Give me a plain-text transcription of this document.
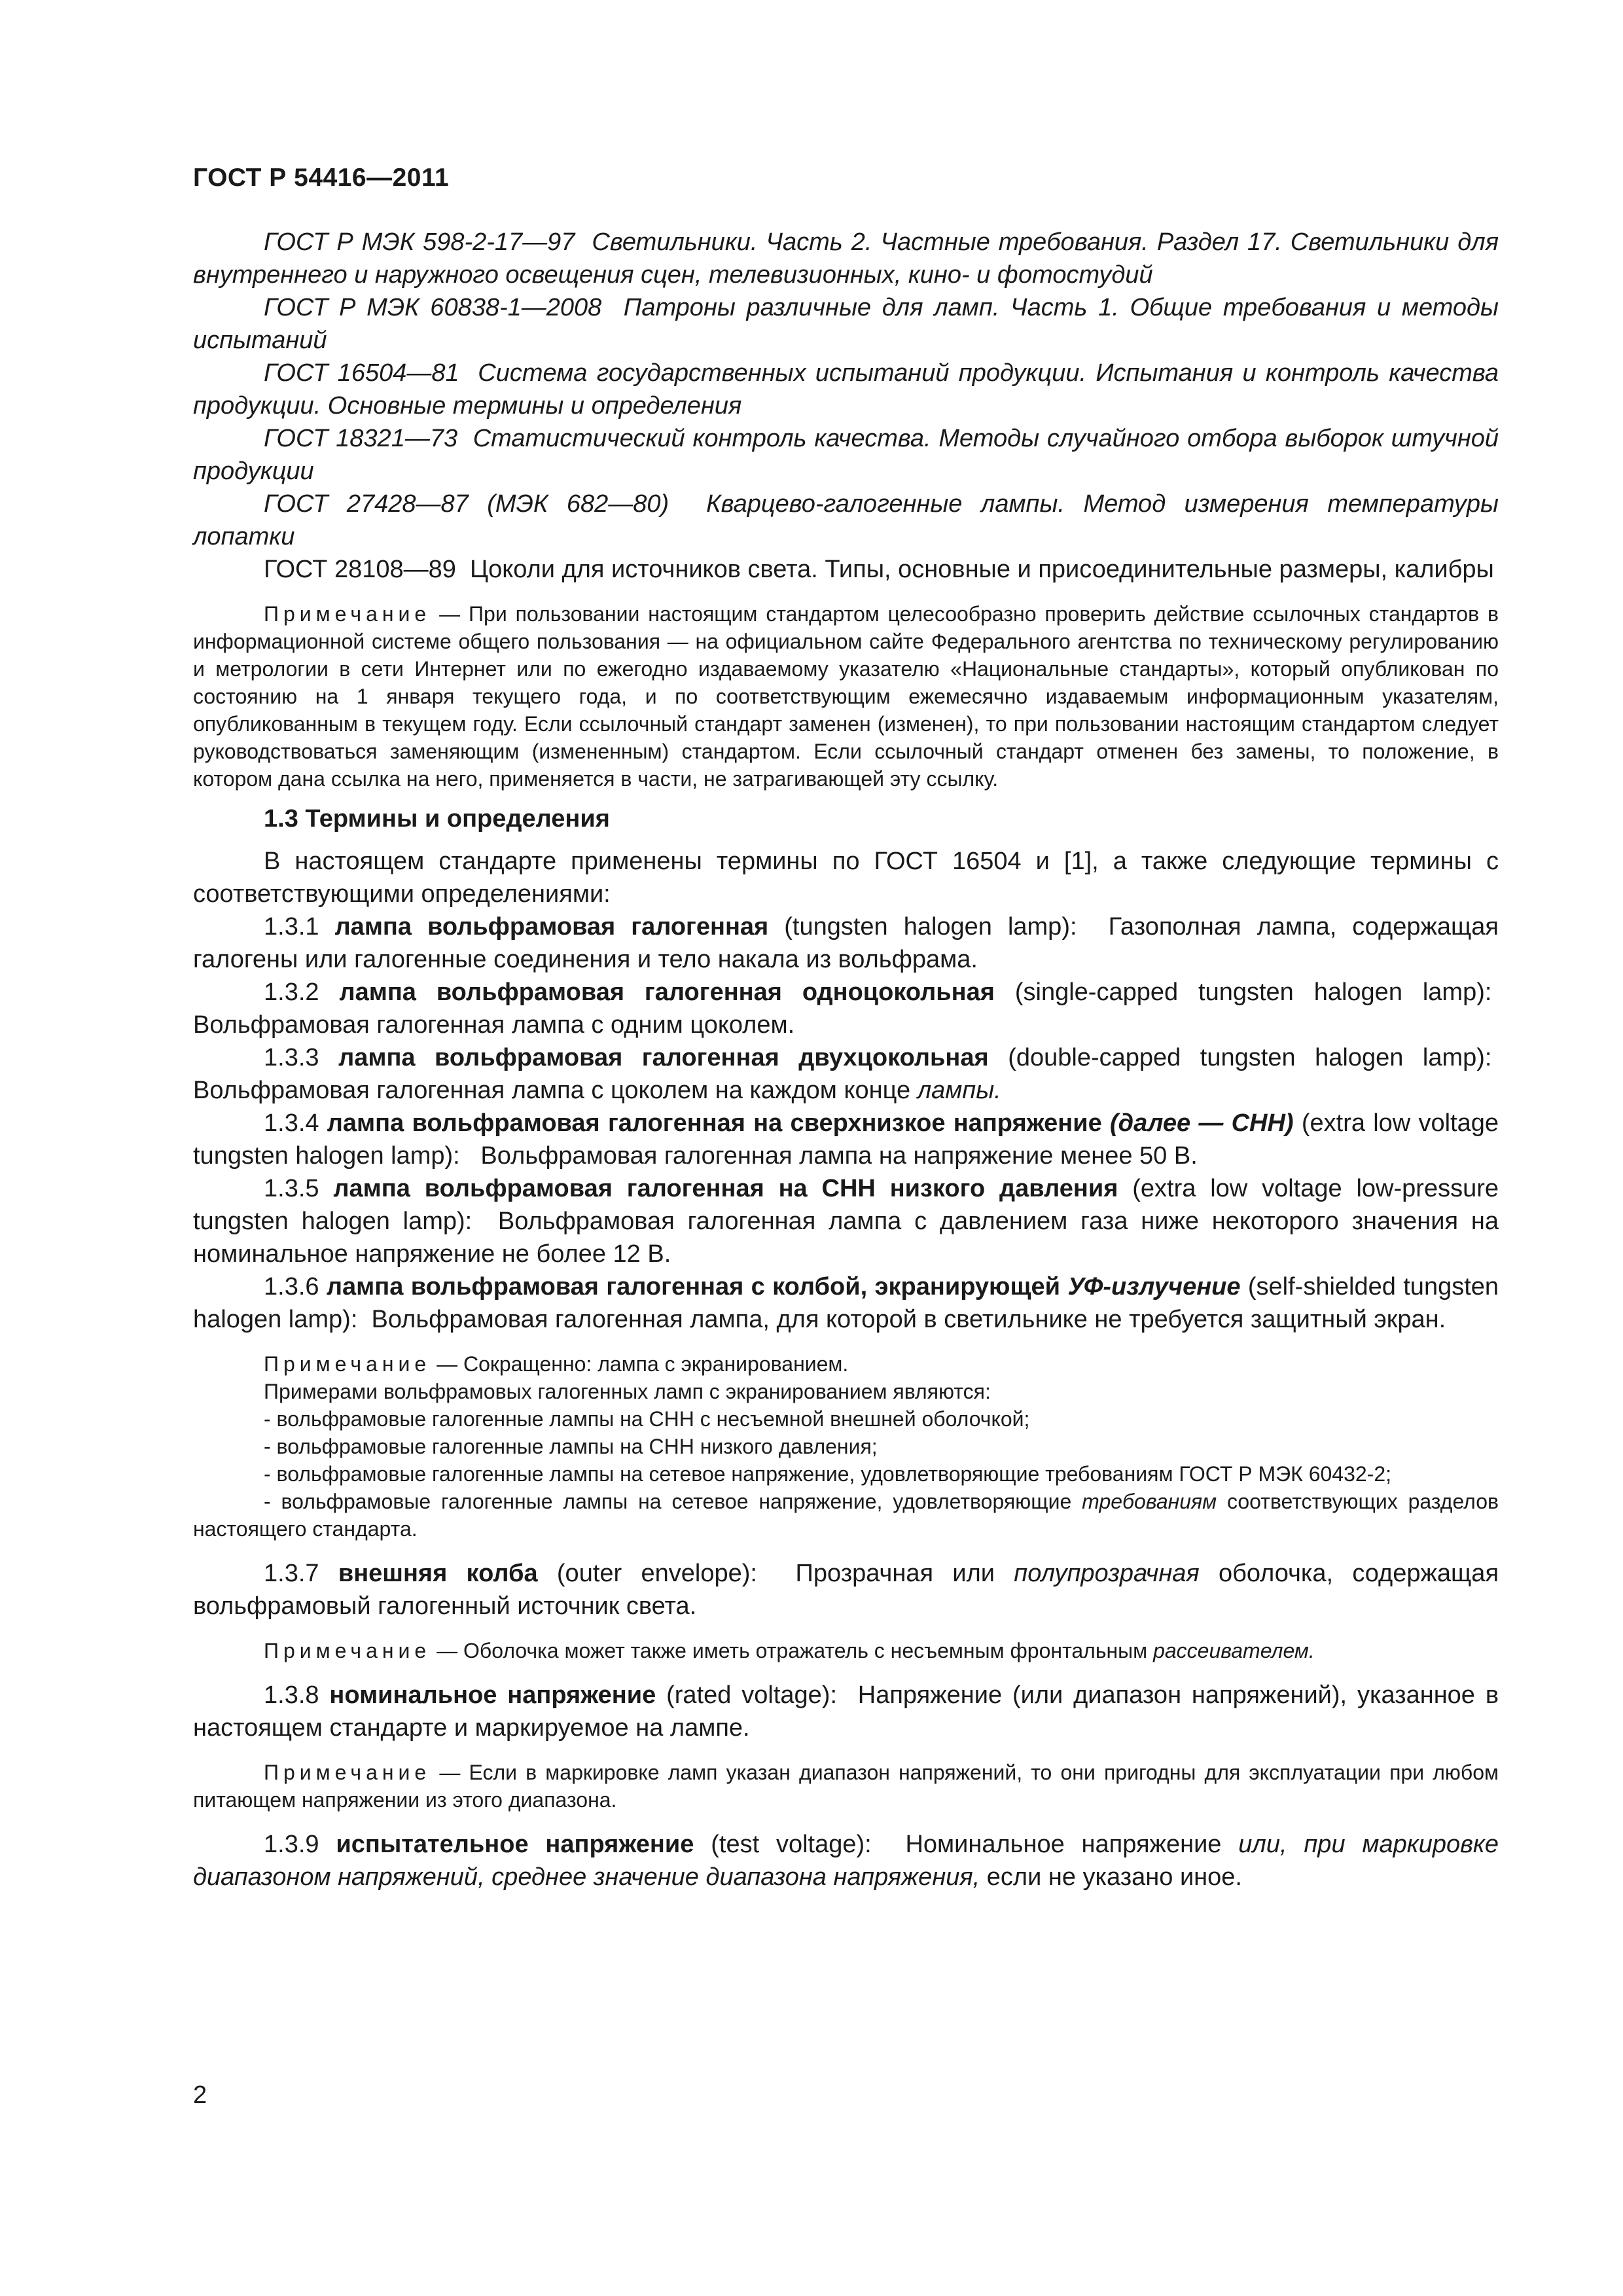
ГОСТ Р 54416—2011

ГОСТ Р МЭК 598-2-17—97 Светильники. Часть 2. Частные требования. Раздел 17. Светильники для внутреннего и наружного освещения сцен, телевизионных, кино- и фотостудий

ГОСТ Р МЭК 60838-1—2008 Патроны различные для ламп. Часть 1. Общие требования и методы испытаний

ГОСТ 16504—81 Система государственных испытаний продукции. Испытания и контроль качества продукции. Основные термины и определения

ГОСТ 18321—73 Статистический контроль качества. Методы случайного отбора выборок штучной продукции

ГОСТ 27428—87 (МЭК 682—80) Кварцево-галогенные лампы. Метод измерения температуры лопатки

ГОСТ 28108—89 Цоколи для источников света. Типы, основные и присоединительные размеры, калибры

Примечание — При пользовании настоящим стандартом целесообразно проверить действие ссылочных стандартов в информационной системе общего пользования — на официальном сайте Федерального агентства по техническому регулированию и метрологии в сети Интернет или по ежегодно издаваемому указателю «Национальные стандарты», который опубликован по состоянию на 1 января текущего года, и по соответствующим ежемесячно издаваемым информационным указателям, опубликованным в текущем году. Если ссылочный стандарт заменен (изменен), то при пользовании настоящим стандартом следует руководствоваться заменяющим (измененным) стандартом. Если ссылочный стандарт отменен без замены, то положение, в котором дана ссылка на него, применяется в части, не затрагивающей эту ссылку.

1.3 Термины и определения

В настоящем стандарте применены термины по ГОСТ 16504 и [1], а также следующие термины с соответствующими определениями:

1.3.1 лампа вольфрамовая галогенная (tungsten halogen lamp): Газополная лампа, содержащая галогены или галогенные соединения и тело накала из вольфрама.

1.3.2 лампа вольфрамовая галогенная одноцокольная (single-capped tungsten halogen lamp):  Вольфрамовая галогенная лампа с одним цоколем.

1.3.3 лампа вольфрамовая галогенная двухцокольная (double-capped tungsten halogen lamp):  Вольфрамовая галогенная лампа с цоколем на каждом конце лампы.

1.3.4 лампа вольфрамовая галогенная на сверхнизкое напряжение (далее — СНН) (extra low voltage tungsten halogen lamp): Вольфрамовая галогенная лампа на напряжение менее 50 В.

1.3.5 лампа вольфрамовая галогенная на СНН низкого давления (extra low voltage low-pressure tungsten halogen lamp): Вольфрамовая галогенная лампа с давлением газа ниже некоторого значения на номинальное напряжение не более 12 В.

1.3.6 лампа вольфрамовая галогенная с колбой, экранирующей УФ-излучение (self-shielded tungsten halogen lamp): Вольфрамовая галогенная лампа, для которой в светильнике не требуется защитный экран.

Примечание — Сокращенно: лампа с экранированием.

Примерами вольфрамовых галогенных ламп с экранированием являются:

- вольфрамовые галогенные лампы на СНН с несъемной внешней оболочкой;

- вольфрамовые галогенные лампы на СНН низкого давления;

- вольфрамовые галогенные лампы на сетевое напряжение, удовлетворяющие требованиям ГОСТ Р МЭК 60432-2;

- вольфрамовые галогенные лампы на сетевое напряжение, удовлетворяющие требованиям соответствующих разделов настоящего стандарта.

1.3.7 внешняя колба (outer envelope): Прозрачная или полупрозрачная оболочка, содержащая вольфрамовый галогенный источник света.

Примечание — Оболочка может также иметь отражатель с несъемным фронтальным рассеивателем.

1.3.8 номинальное напряжение (rated voltage): Напряжение (или диапазон напряжений), указанное в настоящем стандарте и маркируемое на лампе.

Примечание — Если в маркировке ламп указан диапазон напряжений, то они пригодны для эксплуатации при любом питающем напряжении из этого диапазона.

1.3.9 испытательное напряжение (test voltage): Номинальное напряжение или, при маркировке диапазоном напряжений, среднее значение диапазона напряжения, если не указано иное.

2
